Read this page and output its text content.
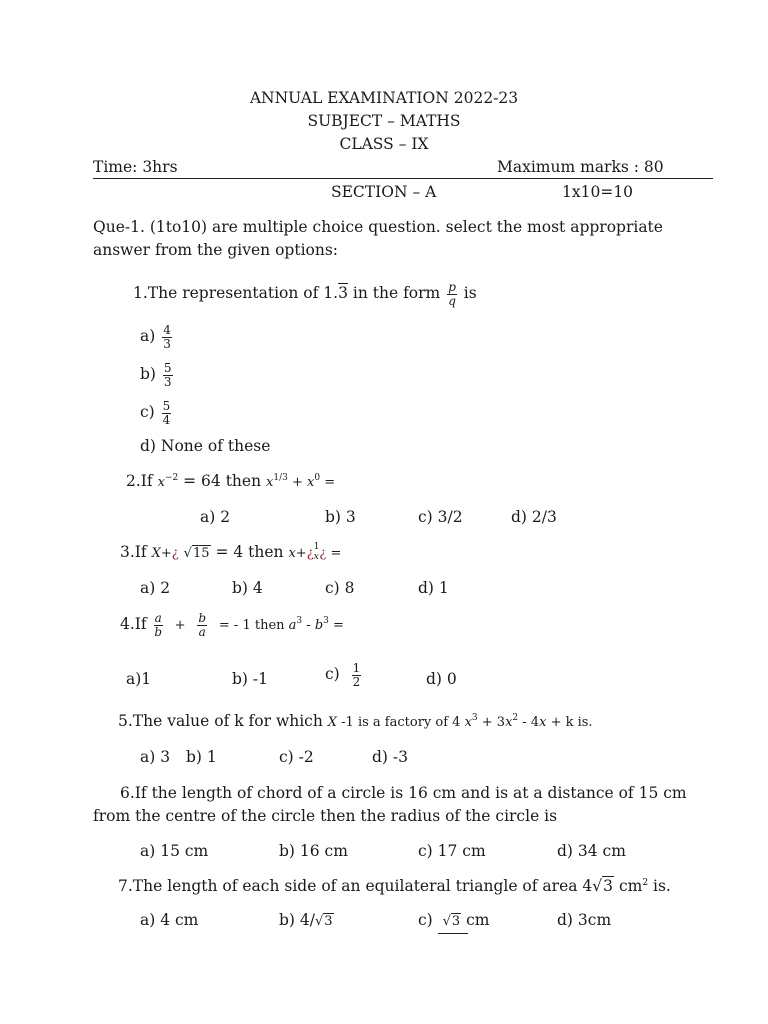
ANNUAL EXAMINATION 2022-23
SUBJECT – MATHS
CLASS – IX
Time: 3hrs	Maximum marks : 80
SECTION – A	1x10=10
Que-1. (1to10) are multiple choice question. select the most appropriate answer from the given options:
1.The representation of 1.3 in the form $\frac{p}{q}$ is
$a) \frac{4}{3}$
$b) \frac{5}{3}$
$c) \frac{5}{4}$
d) None of these
2.If $x^{-2} = 64$ then $x^{1/3} + x^0$ =
a) 2	b) 3	c) 3/2	d) 2/3
3.If X+¿ √15 = 4 then x+¿ 1
x ¿ =
a) 2	b) 4	c) 8	d) 1
$4.If \frac{a}{b} + \frac{b}{a}$ = - 1 then $a^3 - b^3$ =
a)1	b) -1	$c) \frac{1}{2}$	d) 0
5.The value of k for which X -1 is a factory of 4 $x^3 + 3x^2 - 4x + k$ is.
a) 3 b) 1	c) -2	d) -3
6.If the length of chord of a circle is 16 cm and is at a distance of 15 cm from the centre of the circle then the radius of the circle is
a) 15 cm	b) 16 cm	c) 17 cm	d) 34 cm
7.The length of each side of an equilateral triangle of area 4√3 $cm^2$ is.
a) 4 cm	b) 4/√3	c) √3 cm	d) 3cm
